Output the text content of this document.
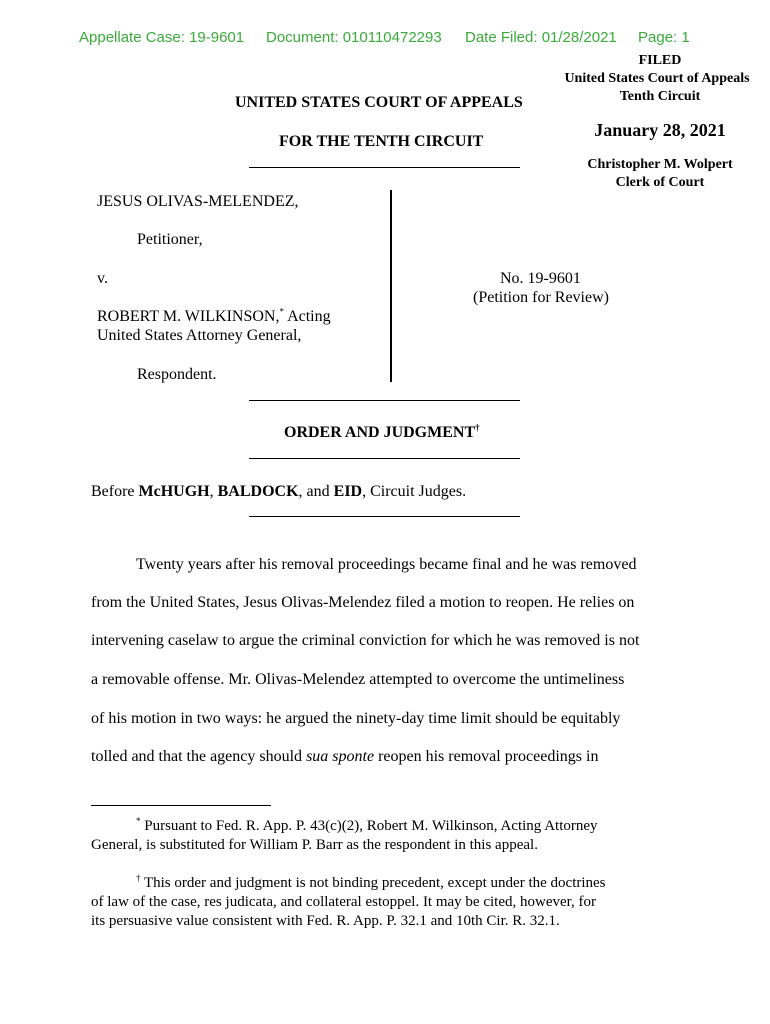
Appellate Case: 19-9601 Document: 010110472293 Date Filed: 01/28/2021 Page: 1
FILED
United States Court of Appeals
Tenth Circuit
January 28, 2021
Christopher M. Wolpert
Clerk of Court
UNITED STATES COURT OF APPEALS
FOR THE TENTH CIRCUIT
JESUS OLIVAS-MELENDEZ,
Petitioner,
v.
ROBERT M. WILKINSON,* Acting
United States Attorney General,
Respondent.
No. 19-9601
(Petition for Review)
ORDER AND JUDGMENT†
Before McHUGH, BALDOCK, and EID, Circuit Judges.
Twenty years after his removal proceedings became final and he was removed
from the United States, Jesus Olivas-Melendez filed a motion to reopen. He relies on
intervening caselaw to argue the criminal conviction for which he was removed is not
a removable offense. Mr. Olivas-Melendez attempted to overcome the untimeliness
of his motion in two ways: he argued the ninety-day time limit should be equitably
tolled and that the agency should sua sponte reopen his removal proceedings in
* Pursuant to Fed. R. App. P. 43(c)(2), Robert M. Wilkinson, Acting Attorney
General, is substituted for William P. Barr as the respondent in this appeal.
† This order and judgment is not binding precedent, except under the doctrines
of law of the case, res judicata, and collateral estoppel. It may be cited, however, for
its persuasive value consistent with Fed. R. App. P. 32.1 and 10th Cir. R. 32.1.
